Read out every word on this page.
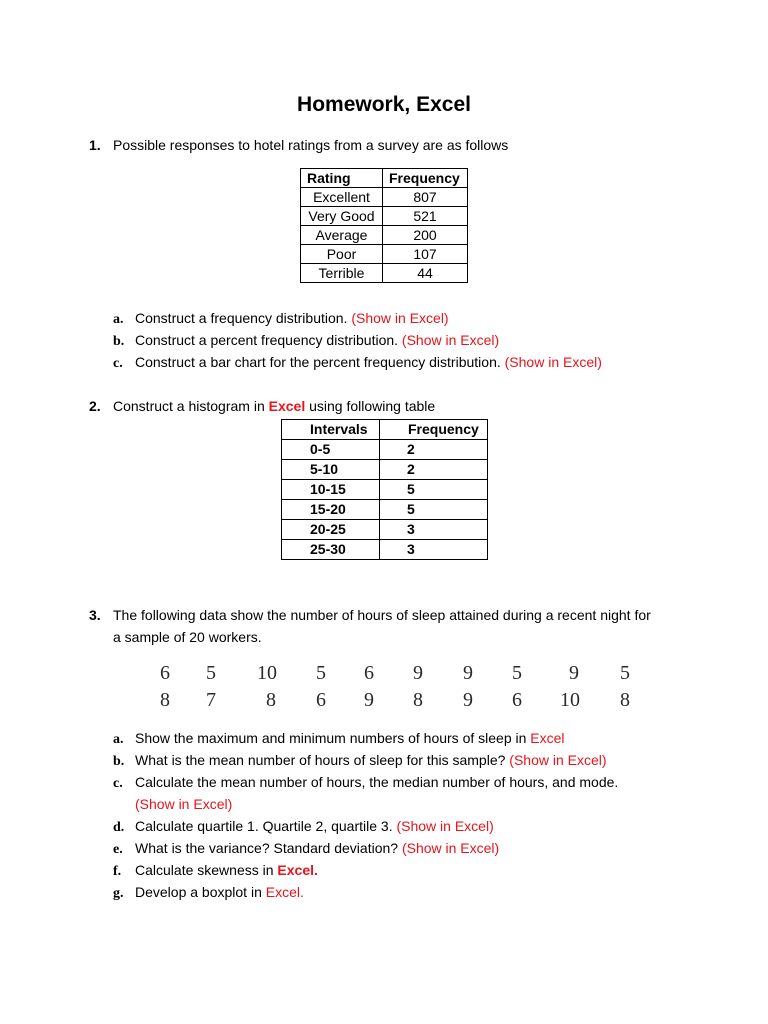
Homework, Excel
1. Possible responses to hotel ratings from a survey are as follows
Rating	Frequency
Excellent	807
Very Good	521
Average	200
Poor	107
Terrible	44
a. Construct a frequency distribution. (Show in Excel)
b. Construct a percent frequency distribution. (Show in Excel)
c. Construct a bar chart for the percent frequency distribution. (Show in Excel)
2. Construct a histogram in Excel using following table
Intervals	Frequency
0-5	2
5-10	2
10-15	5
15-20	5
20-25	3
25-30	3
3. The following data show the number of hours of sleep attained during a recent night for
a sample of 20 workers.
6	5	10	5	6	9	9	5	9	5
8	7	8	6	9	8	9	6	10	8
a. Show the maximum and minimum numbers of hours of sleep in Excel
b. What is the mean number of hours of sleep for this sample? (Show in Excel)
c. Calculate the mean number of hours, the median number of hours, and mode.
(Show in Excel)
d. Calculate quartile 1. Quartile 2, quartile 3. (Show in Excel)
e. What is the variance? Standard deviation? (Show in Excel)
f. Calculate skewness in Excel.
g. Develop a boxplot in Excel.
